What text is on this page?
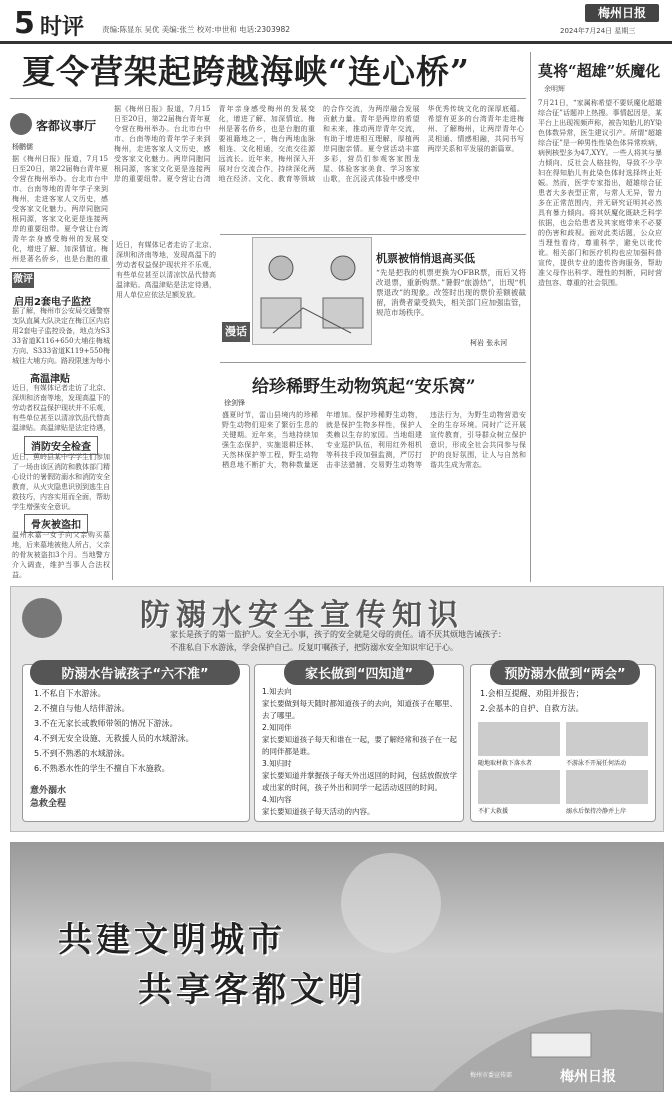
5 时评 责编:陈显东 吴优 美编:张兰 校对:申世和 电话:2303982
梅州日报
2024年7月24日 星期三
夏令营架起跨越海峡“连心桥”	莫将“超雄”妖魔化
余明辉
7月21日，“家属称希望不要妖魔化超雄综合征”话题冲上热搜。事情起因是，某平台上出现视频声称，被告知胎儿的Y染色体数异常，医生建议引产。所谓“超雄综合征”是一种男性性染色体异常疾病，病例核型多为47,XYY。一些人将其与暴力倾向、反社会人格挂钩，导致不少孕妇在得知胎儿有此染色体时选择终止妊娠。然而，医学专家指出，超雄综合征患者大多表型正常，与常人无异，智力多在正常范围内，并无研究证明其必然具有暴力倾向。将其妖魔化既缺乏科学依据，也会给患者及其家庭带来不必要的伤害和歧视。面对此类话题，公众应当理性看待，尊重科学，避免以讹传讹。相关部门和医疗机构也应加强科普宣传，提供专业的遗传咨询服务，帮助准父母作出科学、理性的判断，同时营造包容、尊重的社会氛围。
客都议事厅
杨鹏儒
据《梅州日报》报道，7月15日至20日，第22届梅台青年夏令营在梅州举办。台北市台中市、台南等地的青年学子来到梅州，走进客家人文历史，感受客家文化魅力。两岸同胞同根同源，客家文化更是连接两岸的重要纽带。夏令营让台湾青年亲身感受梅州的发展变化，增进了解、加深情谊。梅州是著名侨乡，也是台胞的重
据《梅州日报》报道，7月15日至20日，第22届梅台青年夏令营在梅州举办。台北市台中市、台南等地的青年学子来到梅州，走进客家人文历史，感受客家文化魅力。两岸同胞同根同源，客家文化更是连接两岸的重要纽带。夏令营让台湾青年亲身感受梅州的发展变化，增进了解、加深情谊。梅州是著名侨乡，也是台胞的重要祖籍地之一，梅台两地血脉相连、文化相通，交流交往源远流长。近年来，梅州深入开展对台交流合作，持续深化两地在经济、文化、教育等领域的合作交流，为两岸融合发展贡献力量。青年是两岸的希望和未来，推动两岸青年交流，有助于增进相互理解，厚植两岸同胞亲情。夏令营活动丰富多彩，营员们参观客家围龙屋、体验客家美食、学习客家山歌，在沉浸式体验中感受中华优秀传统文化的深厚底蕴。希望有更多的台湾青年走进梅州、了解梅州，让两岸青年心灵相通、情感相融，共同书写两岸关系和平发展的新篇章。
微评
启用2套电子监控
据了解，梅州市公安局交通警察支队直属大队决定在梅江区内启用2套电子监控设备，地点为S333省道K116+650大埔往梅城方向、S333省道K119+550梅城往大埔方向。路段限速为每小
高温津贴
近日，有媒体记者走访了北京、深圳和济南等地，发现高温下的劳动者权益保护现状并不乐观，有些单位甚至以清凉饮品代替高温津贴。高温津贴是法定待遇，
消防安全检查
近日，蕉岭县某中学学生们参加了一场由该区消防和教体部门精心设计的暑假防溺水和消防安全教育，从火灾隐患识别到逃生自救技巧，内容实用而全面，帮助学生增强安全意识。
骨灰被盗扣
温州永嘉一女子向父亲购买墓地，后来墓地被他人所占，父亲的骨灰被盗扣3个月。当地警方介入调查，维护当事人合法权益。
近日，有媒体记者走访了北京、深圳和济南等地，发现高温下的劳动者权益保护现状并不乐观，有些单位甚至以清凉饮品代替高温津贴。高温津贴是法定待遇，用人单位应依法足额发放。
漫话
机票被悄悄退高买低
“先是把我的机票更换为OFBR票，而后又将改退票，重新购票。”暑假“旅游热”，出现“机票退改”的现象。改签时出现的票价差额被截留，消费者蒙受损失，相关部门应加强监管，规范市场秩序。
柯岩 张永河
给珍稀野生动物筑起“安乐窝”
徐剑锋
盛夏时节，雷山县境内的珍稀野生动物们迎来了繁衍生息的关键期。近年来，当地持续加强生态保护，实施退耕还林、天然林保护等工程，野生动物栖息地不断扩大，物种数量逐年增加。保护珍稀野生动物，就是保护生物多样性，保护人类赖以生存的家园。当地组建专业巡护队伍，利用红外相机等科技手段加强监测，严厉打击非法猎捕、交易野生动物等违法行为，为野生动物营造安全的生存环境。同时广泛开展宣传教育，引导群众树立保护意识，形成全社会共同参与保护的良好氛围，让人与自然和谐共生成为常态。
防溺水安全宣传知识
家长是孩子的第一监护人。安全无小事，孩子的安全就是父母的责任。请不厌其烦地告诫孩子：不准私自下水游泳，学会保护自己。反复叮嘱孩子，把防溺水安全知识牢记于心。
防溺水告诫孩子“六不准”
1.不私自下水游泳。
2.不擅自与他人结伴游泳。
3.不在无家长或教师带领的情况下游泳。
4.不到无安全设施、无救援人员的水域游泳。
5.不到不熟悉的水域游泳。
6.不熟悉水性的学生不擅自下水施救。
意外溺水 急救全程
家长做到“四知道”
1.知去向
家长要做到每天随时都知道孩子的去向，知道孩子在哪里、去了哪里。
2.知同伴
家长要知道孩子每天和谁在一起，要了解经常和孩子在一起的同伴都是谁。
3.知归时
家长要知道并掌握孩子每天外出返回的时间，包括放假放学或出家的时间，孩子外出和同学一起活动返回的时间。
4.知内容
家长要知道孩子每天活动的内容。
预防溺水做到“两会”
1.会相互提醒、劝阻并报告；
2.会基本的自护、自救方法。
随地取材救下落水者	不游泳不开展任何活动
不扩大救援	溺水后保持冷静并上岸
共建文明城市
共享客都文明
梅州市委宣传部	梅州日报
